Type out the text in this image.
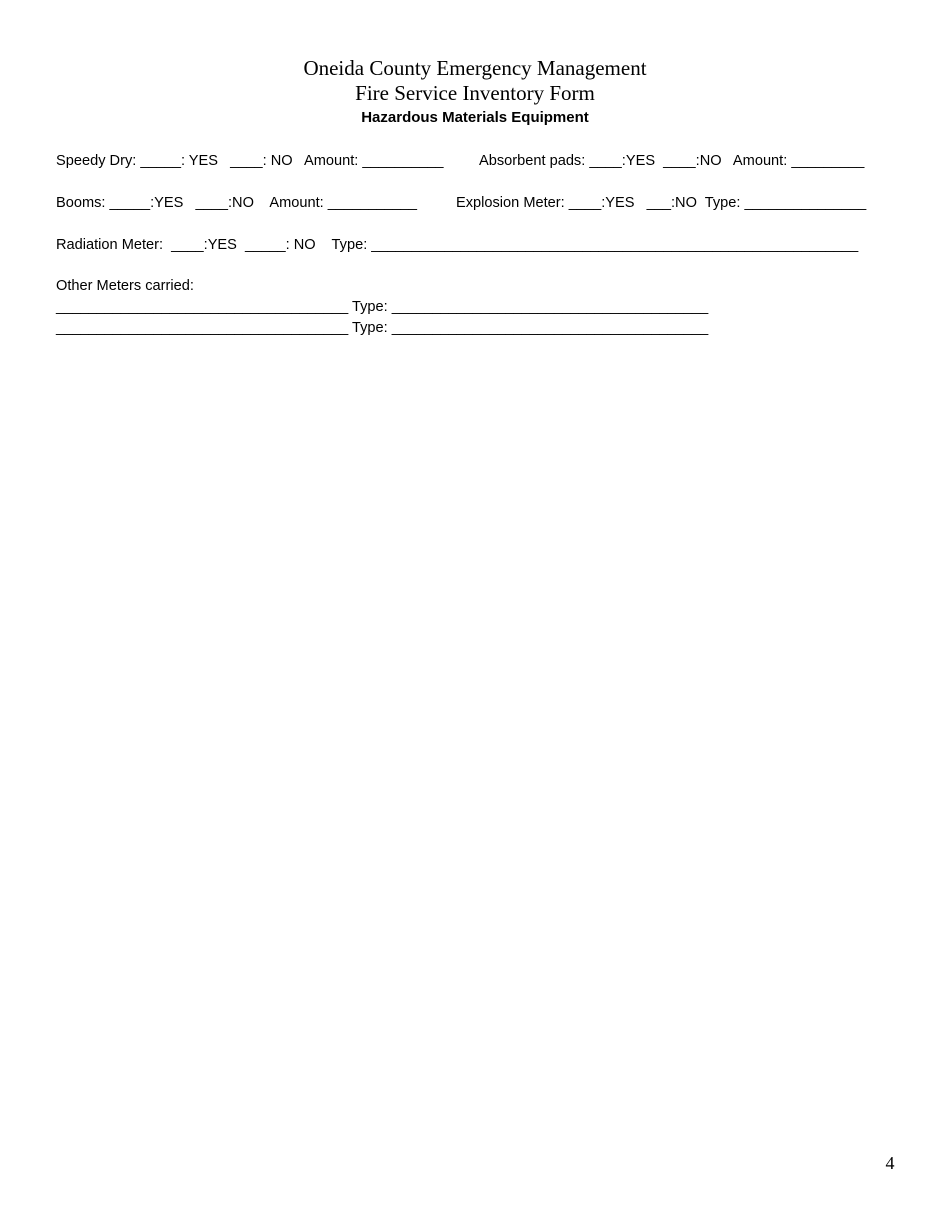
Oneida County Emergency Management
Fire Service Inventory Form
Hazardous Materials Equipment

Speedy Dry: _____: YES   ____: NO   Amount: __________

Absorbent pads: ____:YES  ____:NO   Amount: _________

Booms: _____:YES   ____:NO    Amount: ___________

	Explosion Meter: ____:YES   ___:NO  Type: _______________

Radiation Meter:  ____:YES  _____: NO    Type: ____________________________________________________________

Other Meters carried:
____________________________________ Type: _______________________________________
____________________________________ Type: _______________________________________
4
